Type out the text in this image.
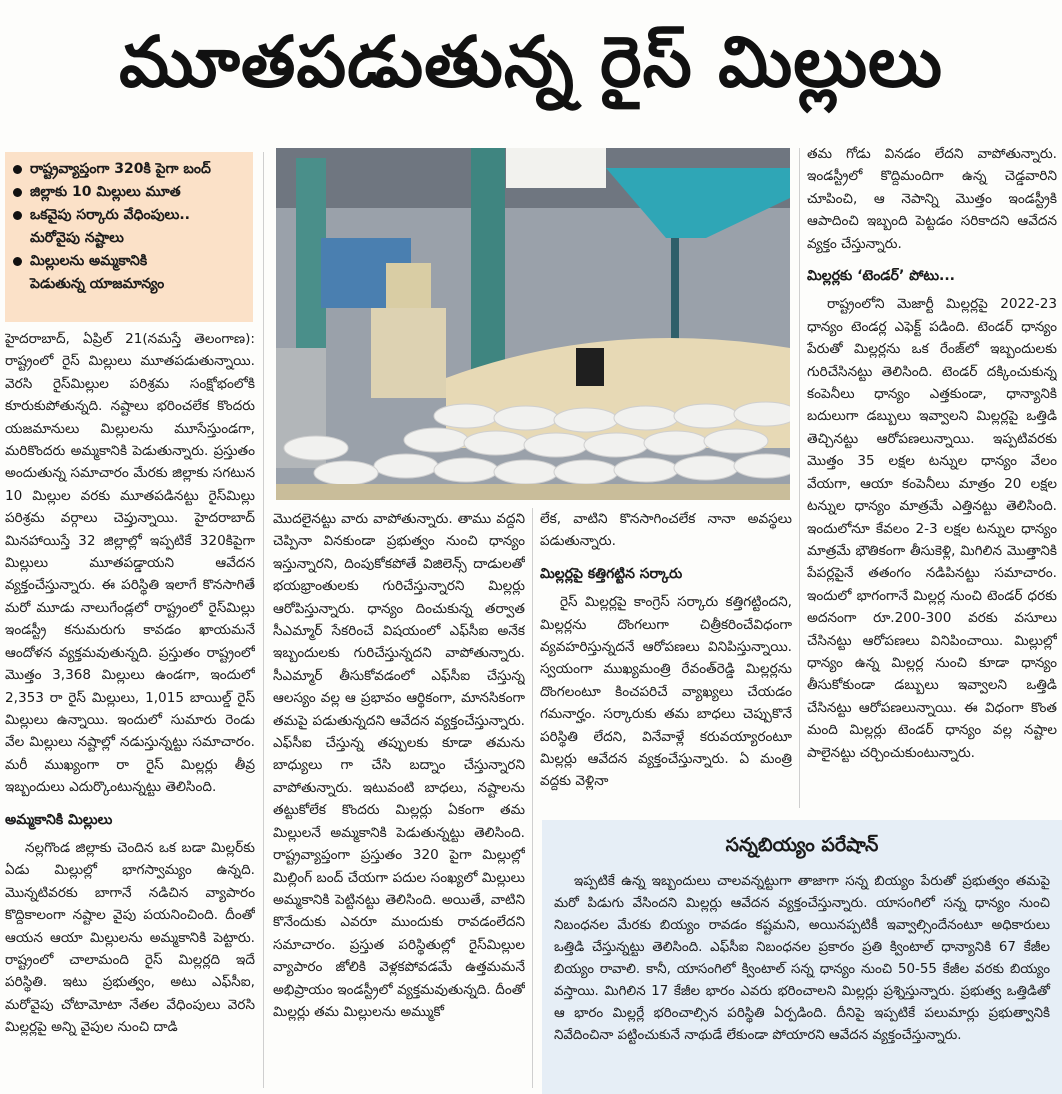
మూతపడుతున్న రైస్‌ మిల్లులు
రాష్ట్రవ్యాప్తంగా 320కి పైగా బంద్‌
జిల్లాకు 10 మిల్లులు మూత
ఒకవైపు సర్కారు వేధింపులు..
మరోవైపు నష్టాలు
మిల్లులను అమ్మకానికి
పెడుతున్న యాజమాన్యం

హైదరాబాద్‌, ఏప్రిల్‌ 21(నమస్తే తెలంగాణ): రాష్ట్రంలో రైస్‌ మిల్లులు మూతపడుతున్నాయి. వెరసి రైస్‌మిల్లుల పరిశ్రమ సంక్షోభంలోకి కూరుకుపోతున్నది. నష్టాలు భరించలేక కొందరు యజమానులు మిల్లులను మూసేస్తుండగా, మరికొందరు అమ్మకానికి పెడుతున్నారు. ప్రస్తుతం అందుతున్న సమాచారం మేరకు జిల్లాకు సగటున 10 మిల్లుల వరకు మూతపడినట్టు రైస్‌మిల్లు పరిశ్రమ వర్గాలు చెప్తున్నాయి. హైదరాబాద్‌ మినహాయిస్తే 32 జిల్లాల్లో ఇప్పటికే 320కిపైగా మిల్లులు మూతపడ్డాయని ఆవేదన వ్యక్తంచేస్తున్నారు. ఈ పరిస్థితి ఇలాగే కొనసాగితే మరో మూడు నాలుగేండ్లలో రాష్ట్రంలో రైస్‌మిల్లు ఇండస్ట్రీ కనుమరుగు కావడం ఖాయమనే ఆందోళన వ్యక్తమవుతున్నది. ప్రస్తుతం రాష్ట్రంలో మొత్తం 3,368 మిల్లులు ఉండగా, ఇందులో 2,353 రా రైస్‌ మిల్లులు, 1,015 బాయిల్డ్‌ రైస్‌ మిల్లులు ఉన్నాయి. ఇందులో సుమారు రెండు వేల మిల్లులు నష్టాల్లో నడుస్తున్నట్టు సమాచారం. మరీ ముఖ్యంగా రా రైస్‌ మిల్లర్లు తీవ్ర ఇబ్బందులు ఎదుర్కొంటున్నట్టు తెలిసింది.

అమ్మకానికి మిల్లులు

నల్లగొండ జిల్లాకు చెందిన ఒక బడా మిల్లర్‌కు ఏడు మిల్లుల్లో భాగస్వామ్యం ఉన్నది. మొన్నటివరకు బాగానే నడిచిన వ్యాపారం కొద్దికాలంగా నష్టాల వైపు పయనించింది. దీంతో ఆయన ఆయా మిల్లులను అమ్మకానికి పెట్టారు. రాష్ట్రంలో చాలామంది రైస్‌ మిల్లర్లది ఇదే పరిస్థితి. ఇటు ప్రభుత్వం, అటు ఎఫ్‌సీఐ, మరోవైపు చోటామోటా నేతల వేధింపులు వెరసి మిల్లర్లపై అన్ని వైపుల నుంచి దాడి

మొదలైనట్టు వారు వాపోతున్నారు. తాము వద్దని చెప్పినా వినకుండా ప్రభుత్వం నుంచి ధాన్యం ఇస్తున్నారని, దింపుకోకపోతే విజిలెన్స్‌ దాడులతో భయభ్రాంతులకు గురిచేస్తున్నారని మిల్లర్లు ఆరోపిస్తున్నారు. ధాన్యం దించుకున్న తర్వాత సీఎమ్మార్‌ సేకరించే విషయంలో ఎఫ్‌సీఐ అనేక ఇబ్బందులకు గురిచేస్తున్నదని వాపోతున్నారు. సీఎమ్మార్‌ తీసుకోవడంలో ఎఫ్‌సీఐ చేస్తున్న ఆలస్యం వల్ల ఆ ప్రభావం ఆర్థికంగా, మానసికంగా తమపై పడుతున్నదని ఆవేదన వ్యక్తంచేస్తున్నారు. ఎఫ్‌సీఐ చేస్తున్న తప్పులకు కూడా తమను బాధ్యులు గా చేసి బద్నాం చేస్తున్నారని వాపోతున్నారు. ఇటువంటి బాధలు, నష్టాలను తట్టుకోలేక కొందరు మిల్లర్లు ఏకంగా తమ మిల్లులనే అమ్మకానికి పెడుతున్నట్టు తెలిసింది. రాష్ట్రవ్యాప్తంగా ప్రస్తుతం 320 పైగా మిల్లుల్లో మిల్లింగ్‌ బంద్‌ చేయగా పదుల సంఖ్యలో మిల్లులు అమ్మకానికి పెట్టినట్టు తెలిసింది. అయితే, వాటిని కొనేందుకు ఎవరూ ముందుకు రావడంలేదని సమాచారం. ప్రస్తుత పరిస్థితుల్లో రైస్‌మిల్లుల వ్యాపారం జోలికి వెళ్లకపోవడమే ఉత్తమమనే అభిప్రాయం ఇండస్ట్రీలో వ్యక్తమవుతున్నది. దీంతో మిల్లర్లు తమ మిల్లులను అమ్ముకో

లేక, వాటిని కొనసాగించలేక నానా అవస్థలు పడుతున్నారు.

మిల్లర్లపై కత్తిగట్టిన సర్కారు

రైస్‌ మిల్లర్లపై కాంగ్రెస్‌ సర్కారు కత్తిగట్టిందని, మిల్లర్లను దొంగలుగా చిత్రీకరించేవిధంగా వ్యవహరిస్తున్నదనే ఆరోపణలు వినిపిస్తున్నాయి. స్వయంగా ముఖ్యమంత్రి రేవంత్‌రెడ్డి మిల్లర్లను దొంగలంటూ కించపరిచే వ్యాఖ్యలు చేయడం గమనార్హం. సర్కారుకు తమ బాధలు చెప్పుకొనే పరిస్థితి లేదని, వినేవాళ్లే కరువయ్యారంటూ మిల్లర్లు ఆవేదన వ్యక్తంచేస్తున్నారు. ఏ మంత్రి వద్దకు వెళ్లినా

తమ గోడు వినడం లేదని వాపోతున్నారు. ఇండస్ట్రీలో కొద్దిమందిగా ఉన్న చెడ్డవారిని చూపించి, ఆ నెపాన్ని మొత్తం ఇండస్ట్రీకి ఆపాదించి ఇబ్బంది పెట్టడం సరికాదని ఆవేదన వ్యక్తం చేస్తున్నారు.

మిల్లర్లకు ‘టెండర్‌’ పోటు...

రాష్ట్రంలోని మెజార్టీ మిల్లర్లపై 2022-23 ధాన్యం టెండర్ల ఎఫెక్ట్‌ పడింది. టెండర్‌ ధాన్యం పేరుతో మిల్లర్లను ఒక రేంజ్‌లో ఇబ్బందులకు గురిచేసినట్టు తెలిసింది. టెండర్‌ దక్కించుకున్న కంపెనీలు ధాన్యం ఎత్తకుండా, ధాన్యానికి బదులుగా డబ్బులు ఇవ్వాలని మిల్లర్లపై ఒత్తిడి తెచ్చినట్టు ఆరోపణలున్నాయి. ఇప్పటివరకు మొత్తం 35 లక్షల టన్నుల ధాన్యం వేలం వేయగా, ఆయా కంపెనీలు మాత్రం 20 లక్షల టన్నుల ధాన్యం మాత్రమే ఎత్తినట్టు తెలిసింది. ఇందులోనూ కేవలం 2-3 లక్షల టన్నుల ధాన్యం మాత్రమే భౌతికంగా తీసుకెళ్లి, మిగిలిన మొత్తానికి పేపర్లపైనే తతంగం నడిపినట్టు సమాచారం. ఇందులో భాగంగానే మిల్లర్ల నుంచి టెండర్‌ ధరకు అదనంగా రూ.200-300 వరకు వసూలు చేసినట్టు ఆరోపణలు వినిపించాయి. మిల్లుల్లో ధాన్యం ఉన్న మిల్లర్ల నుంచి కూడా ధాన్యం తీసుకోకుండా డబ్బులు ఇవ్వాలని ఒత్తిడి చేసినట్టు ఆరోపణలున్నాయి. ఈ విధంగా కొంత మంది మిల్లర్లు టెండర్‌ ధాన్యం వల్ల నష్టాల పాలైనట్టు చర్చించుకుంటున్నారు.

సన్నబియ్యం పరేషాన్‌

ఇప్పటికే ఉన్న ఇబ్బందులు చాలవన్నట్టుగా తాజాగా సన్న బియ్యం పేరుతో ప్రభుత్వం తమపై మరో పిడుగు వేసిందని మిల్లర్లు ఆవేదన వ్యక్తంచేస్తున్నారు. యాసంగిలో సన్న ధాన్యం నుంచి నిబంధనల మేరకు బియ్యం రావడం కష్టమని, అయినప్పటికీ ఇవ్వాల్సిందేనంటూ అధికారులు ఒత్తిడి చేస్తున్నట్టు తెలిసింది. ఎఫ్‌సీఐ నిబంధనల ప్రకారం ప్రతి క్వింటాల్‌ ధాన్యానికి 67 కేజీల బియ్యం రావాలి. కానీ, యాసంగిలో క్వింటాల్‌ సన్న ధాన్యం నుంచి 50-55 కేజీల వరకు బియ్యం వస్తాయి. మిగిలిన 17 కేజీల భారం ఎవరు భరించాలని మిల్లర్లు ప్రశ్నిస్తున్నారు. ప్రభుత్వ ఒత్తిడితో ఆ భారం మిల్లర్లే భరించాల్సిన పరిస్థితి ఏర్పడింది. దీనిపై ఇప్పటికే పలుమార్లు ప్రభుత్వానికి నివేదించినా పట్టించుకునే నాథుడే లేకుండా పోయారని ఆవేదన వ్యక్తంచేస్తున్నారు.
